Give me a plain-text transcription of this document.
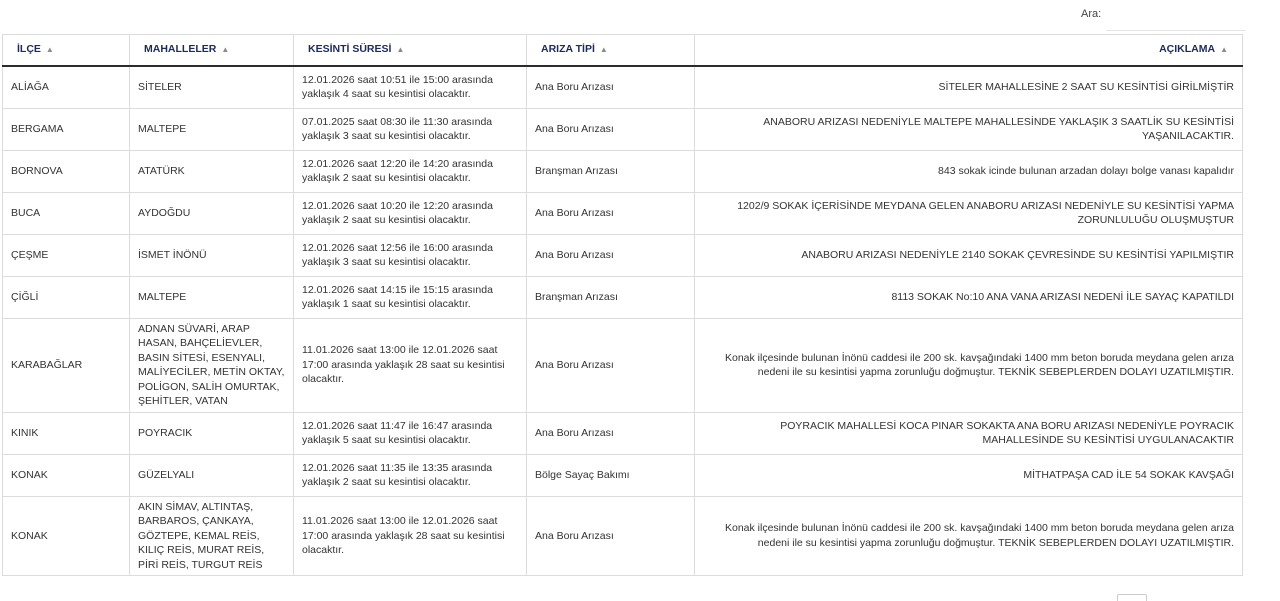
Ara:
İLÇE ▲︎	MAHALLELER ▲︎	KESİNTİ SÜRESİ ▲︎	ARIZA TİPİ ▲︎	AÇIKLAMA ▲︎
ALİAĞA	SİTELER	12.01.2026 saat 10:51 ile 15:00 arasında yaklaşık 4 saat su kesintisi olacaktır.	Ana Boru Arızası	SİTELER MAHALLESİNE 2 SAAT SU KESİNTİSİ GİRİLMİŞTİR
BERGAMA	MALTEPE	07.01.2025 saat 08:30 ile 11:30 arasında yaklaşık 3 saat su kesintisi olacaktır.	Ana Boru Arızası	ANABORU ARIZASI NEDENİYLE MALTEPE MAHALLESİNDE YAKLAŞIK 3 SAATLİK SU KESİNTİSİ YAŞANILACAKTIR.
BORNOVA	ATATÜRK	12.01.2026 saat 12:20 ile 14:20 arasında yaklaşık 2 saat su kesintisi olacaktır.	Branşman Arızası	843 sokak icinde bulunan arzadan dolayı bolge vanası kapalıdır
BUCA	AYDOĞDU	12.01.2026 saat 10:20 ile 12:20 arasında yaklaşık 2 saat su kesintisi olacaktır.	Ana Boru Arızası	1202/9 SOKAK İÇERİSİNDE MEYDANA GELEN ANABORU ARIZASI NEDENİYLE SU KESİNTİSİ YAPMA ZORUNLULUĞU OLUŞMUŞTUR
ÇEŞME	İSMET İNÖNÜ	12.01.2026 saat 12:56 ile 16:00 arasında yaklaşık 3 saat su kesintisi olacaktır.	Ana Boru Arızası	ANABORU ARIZASI NEDENİYLE 2140 SOKAK ÇEVRESİNDE SU KESİNTİSİ YAPILMIŞTIR
ÇİĞLİ	MALTEPE	12.01.2026 saat 14:15 ile 15:15 arasında yaklaşık 1 saat su kesintisi olacaktır.	Branşman Arızası	8113 SOKAK No:10 ANA VANA ARIZASI NEDENİ İLE SAYAÇ KAPATILDI
KARABAĞLAR	ADNAN SÜVARİ, ARAP HASAN, BAHÇELİEVLER, BASIN SİTESİ, ESENYALI, MALİYECİLER, METİN OKTAY, POLİGON, SALİH OMURTAK, ŞEHİTLER, VATAN	11.01.2026 saat 13:00 ile 12.01.2026 saat 17:00 arasında yaklaşık 28 saat su kesintisi olacaktır.	Ana Boru Arızası	Konak ilçesinde bulunan İnönü caddesi ile 200 sk. kavşağındaki 1400 mm beton boruda meydana gelen arıza nedeni ile su kesintisi yapma zorunluğu doğmuştur. TEKNİK SEBEPLERDEN DOLAYI UZATILMIŞTIR.
KINIK	POYRACIK	12.01.2026 saat 11:47 ile 16:47 arasında yaklaşık 5 saat su kesintisi olacaktır.	Ana Boru Arızası	POYRACIK MAHALLESİ KOCA PINAR SOKAKTA ANA BORU ARIZASI NEDENİYLE POYRACIK MAHALLESİNDE SU KESİNTİSİ UYGULANACAKTIR
KONAK	GÜZELYALI	12.01.2026 saat 11:35 ile 13:35 arasında yaklaşık 2 saat su kesintisi olacaktır.	Bölge Sayaç Bakımı	MİTHATPAŞA CAD İLE 54 SOKAK KAVŞAĞI
KONAK	AKIN SİMAV, ALTINTAŞ, BARBAROS, ÇANKAYA, GÖZTEPE, KEMAL REİS, KILIÇ REİS, MURAT REİS, PİRİ REİS, TURGUT REİS	11.01.2026 saat 13:00 ile 12.01.2026 saat 17:00 arasında yaklaşık 28 saat su kesintisi olacaktır.	Ana Boru Arızası	Konak ilçesinde bulunan İnönü caddesi ile 200 sk. kavşağındaki 1400 mm beton boruda meydana gelen arıza nedeni ile su kesintisi yapma zorunluğu doğmuştur. TEKNİK SEBEPLERDEN DOLAYI UZATILMIŞTIR.
